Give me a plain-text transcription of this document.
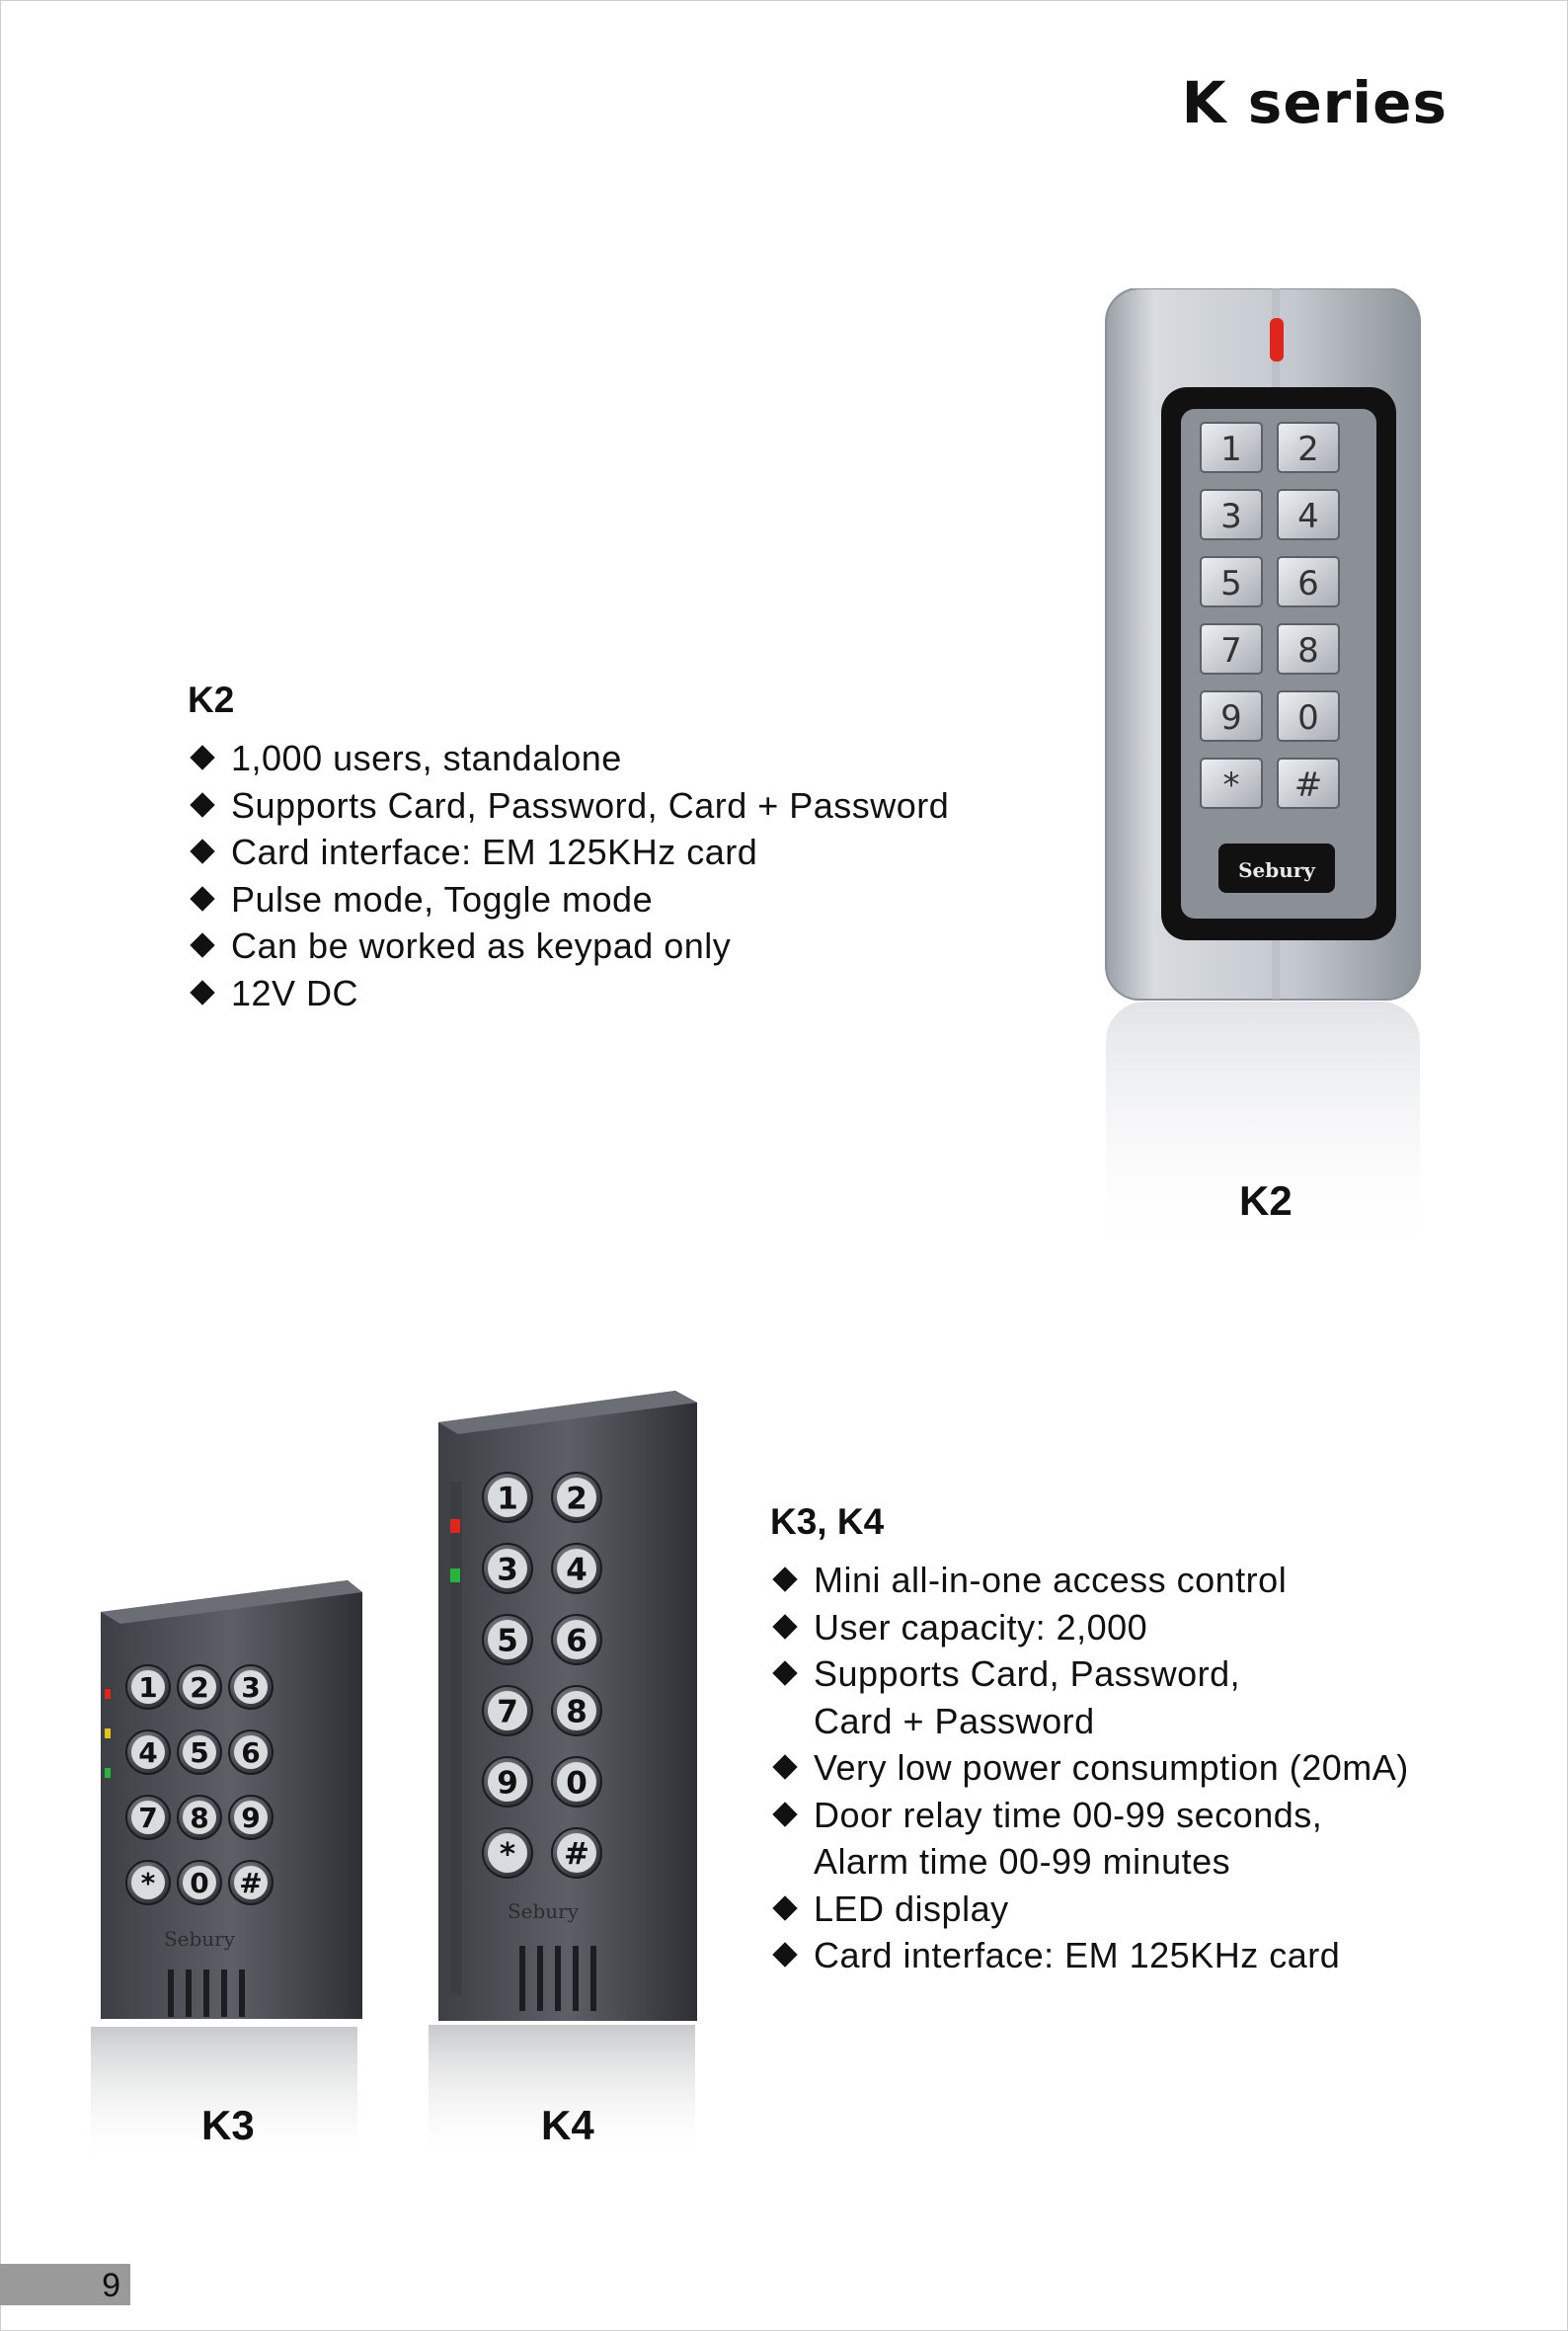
K series
K2
1,000 users, standalone
Supports Card, Password, Card + Password
Card interface: EM 125KHz card
Pulse mode, Toggle mode
Can be worked as keypad only
12V DC
1 2
3 4
5 6
7 8
9 0
* #
Sebury
K2
1 2 3
4 5 6
7 8 9
* 0 #
Sebury
1 2
3 4
5 6
7 8
9 0
* #
Sebury
K3	K4
K3, K4
Mini all-in-one access control
User capacity: 2,000
Supports Card, Password,
Card + Password
Very low power consumption (20mA)
Door relay time 00-99 seconds,
Alarm time 00-99 minutes
LED display
Card interface: EM 125KHz card
9
